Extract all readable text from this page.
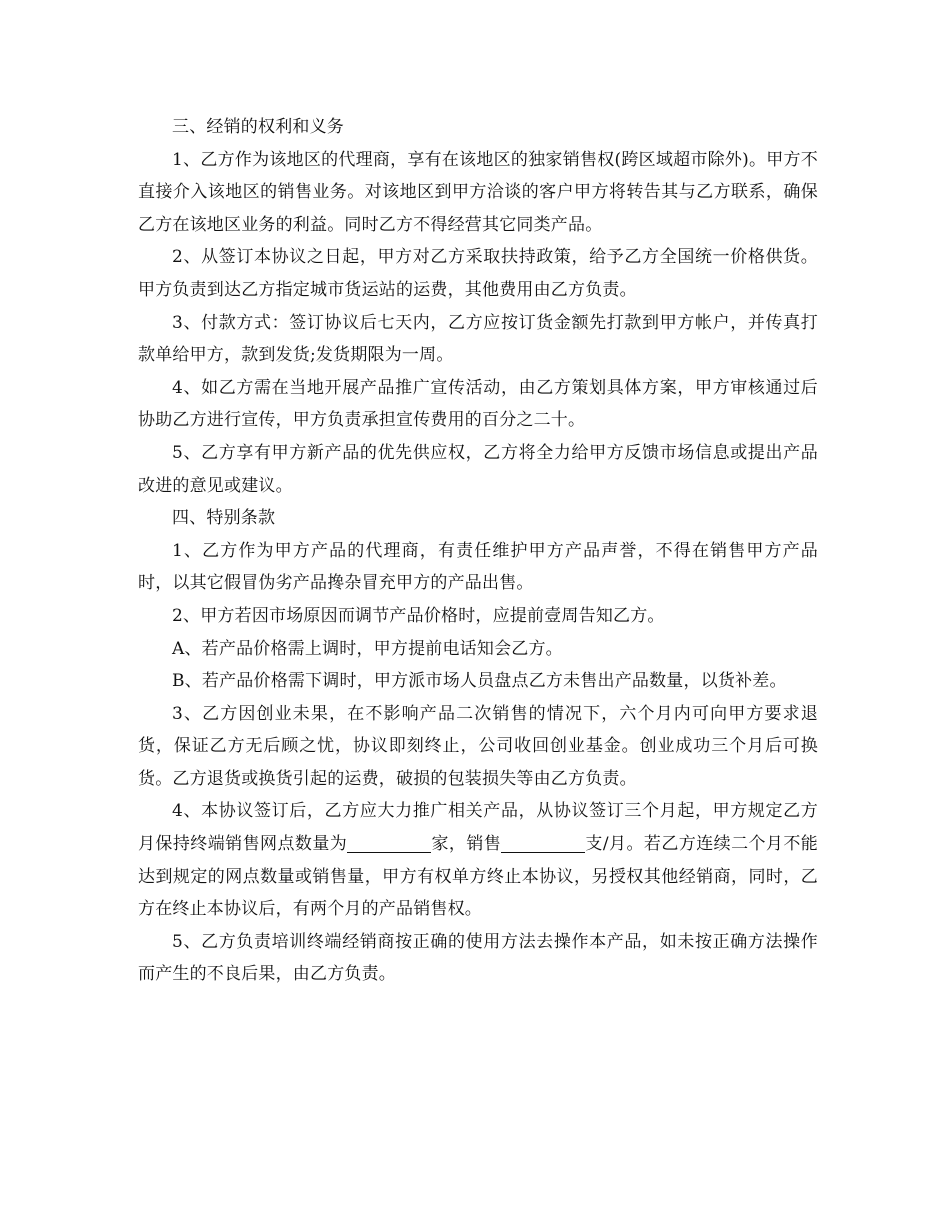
三、经销的权利和义务

1、乙方作为该地区的代理商，享有在该地区的独家销售权(跨区域超市除外)。甲方不直接介入该地区的销售业务。对该地区到甲方洽谈的客户甲方将转告其与乙方联系，确保乙方在该地区业务的利益。同时乙方不得经营其它同类产品。

2、从签订本协议之日起，甲方对乙方采取扶持政策，给予乙方全国统一价格供货。甲方负责到达乙方指定城市货运站的运费，其他费用由乙方负责。

3、付款方式：签订协议后七天内，乙方应按订货金额先打款到甲方帐户，并传真打款单给甲方，款到发货;发货期限为一周。

4、如乙方需在当地开展产品推广宣传活动，由乙方策划具体方案，甲方审核通过后协助乙方进行宣传，甲方负责承担宣传费用的百分之二十。

5、乙方享有甲方新产品的优先供应权，乙方将全力给甲方反馈市场信息或提出产品改进的意见或建议。

四、特别条款

1、乙方作为甲方产品的代理商，有责任维护甲方产品声誉，不得在销售甲方产品时，以其它假冒伪劣产品搀杂冒充甲方的产品出售。

2、甲方若因市场原因而调节产品价格时，应提前壹周告知乙方。

A、若产品价格需上调时，甲方提前电话知会乙方。

B、若产品价格需下调时，甲方派市场人员盘点乙方未售出产品数量，以货补差。

3、乙方因创业未果，在不影响产品二次销售的情况下，六个月内可向甲方要求退货，保证乙方无后顾之忧，协议即刻终止，公司收回创业基金。创业成功三个月后可换货。乙方退货或换货引起的运费，破损的包装损失等由乙方负责。

4、本协议签订后，乙方应大力推广相关产品，从协议签订三个月起，甲方规定乙方月保持终端销售网点数量为	家，销售	支/月。若乙方连续二个月不能达到规定的网点数量或销售量，甲方有权单方终止本协议，另授权其他经销商，同时，乙方在终止本协议后，有两个月的产品销售权。

5、乙方负责培训终端经销商按正确的使用方法去操作本产品，如未按正确方法操作而产生的不良后果，由乙方负责。
